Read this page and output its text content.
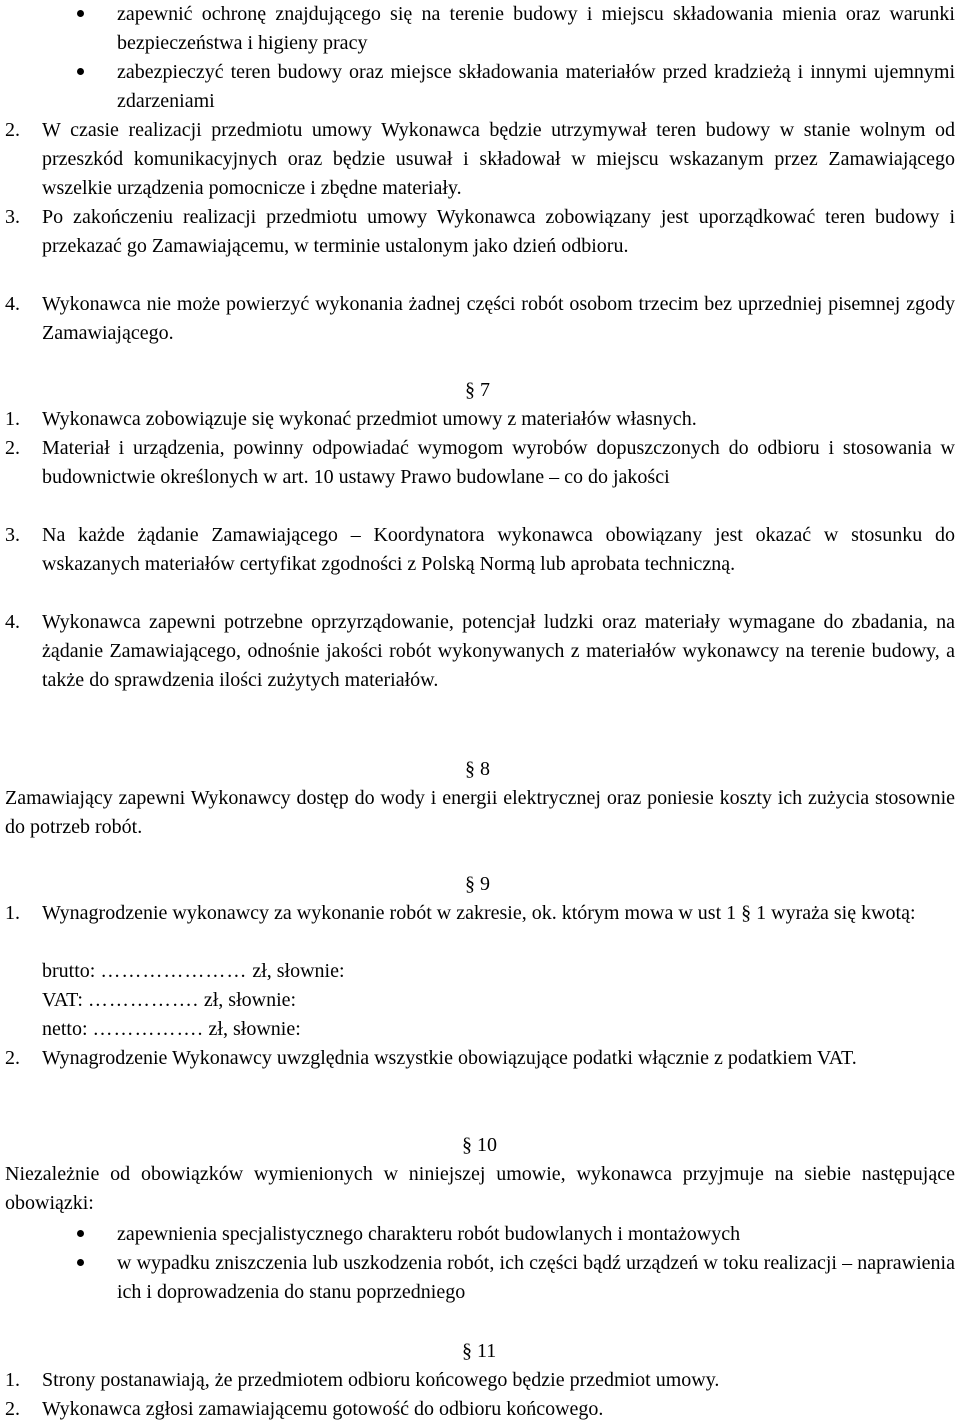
zapewnić ochronę znajdującego się na terenie budowy i miejscu składowania mienia oraz warunki bezpieczeństwa i higieny pracy
zabezpieczyć teren budowy oraz miejsce składowania materiałów przed kradzieżą i innymi ujemnymi zdarzeniami
2. W czasie realizacji przedmiotu umowy Wykonawca będzie utrzymywał teren budowy w stanie wolnym od przeszkód komunikacyjnych oraz będzie usuwał i składował w miejscu wskazanym przez Zamawiającego wszelkie urządzenia pomocnicze i zbędne materiały.
3. Po zakończeniu realizacji przedmiotu umowy Wykonawca zobowiązany jest uporządkować teren budowy i przekazać go Zamawiającemu, w terminie ustalonym jako dzień odbioru.
4. Wykonawca nie może powierzyć wykonania żadnej części robót osobom trzecim bez uprzedniej pisemnej zgody Zamawiającego.
§ 7
1. Wykonawca zobowiązuje się wykonać przedmiot umowy z materiałów własnych.
2. Materiał i urządzenia, powinny odpowiadać wymogom wyrobów dopuszczonych do odbioru i stosowania w budownictwie określonych w art. 10 ustawy Prawo budowlane – co do jakości
3. Na każde żądanie Zamawiającego – Koordynatora wykonawca obowiązany jest okazać w stosunku do wskazanych materiałów certyfikat zgodności z Polską Normą lub aprobata techniczną.
4. Wykonawca zapewni potrzebne oprzyrządowanie, potencjał ludzki oraz materiały wymagane do zbadania, na żądanie Zamawiającego, odnośnie jakości robót wykonywanych z materiałów wykonawcy na terenie budowy, a także do sprawdzenia ilości zużytych materiałów.
§ 8
Zamawiający zapewni Wykonawcy dostęp do wody i energii elektrycznej oraz poniesie koszty ich zużycia stosownie do potrzeb robót.
§ 9
1. Wynagrodzenie wykonawcy za wykonanie robót w zakresie, ok. którym mowa w ust 1 § 1 wyraża się kwotą:
brutto: ………………… zł, słownie:
VAT: ……………. zł, słownie:
netto: ……………. zł, słownie:
2. Wynagrodzenie Wykonawcy uwzględnia wszystkie obowiązujące podatki włącznie z podatkiem VAT.
§ 10
Niezależnie od obowiązków wymienionych w niniejszej umowie, wykonawca przyjmuje na siebie następujące obowiązki:
zapewnienia specjalistycznego charakteru robót budowlanych i montażowych
w wypadku zniszczenia lub uszkodzenia robót, ich części bądź urządzeń w toku realizacji – naprawienia ich i doprowadzenia do stanu poprzedniego
§ 11
1. Strony postanawiają, że przedmiotem odbioru końcowego będzie przedmiot umowy.
2. Wykonawca zgłosi zamawiającemu gotowość do odbioru końcowego.
